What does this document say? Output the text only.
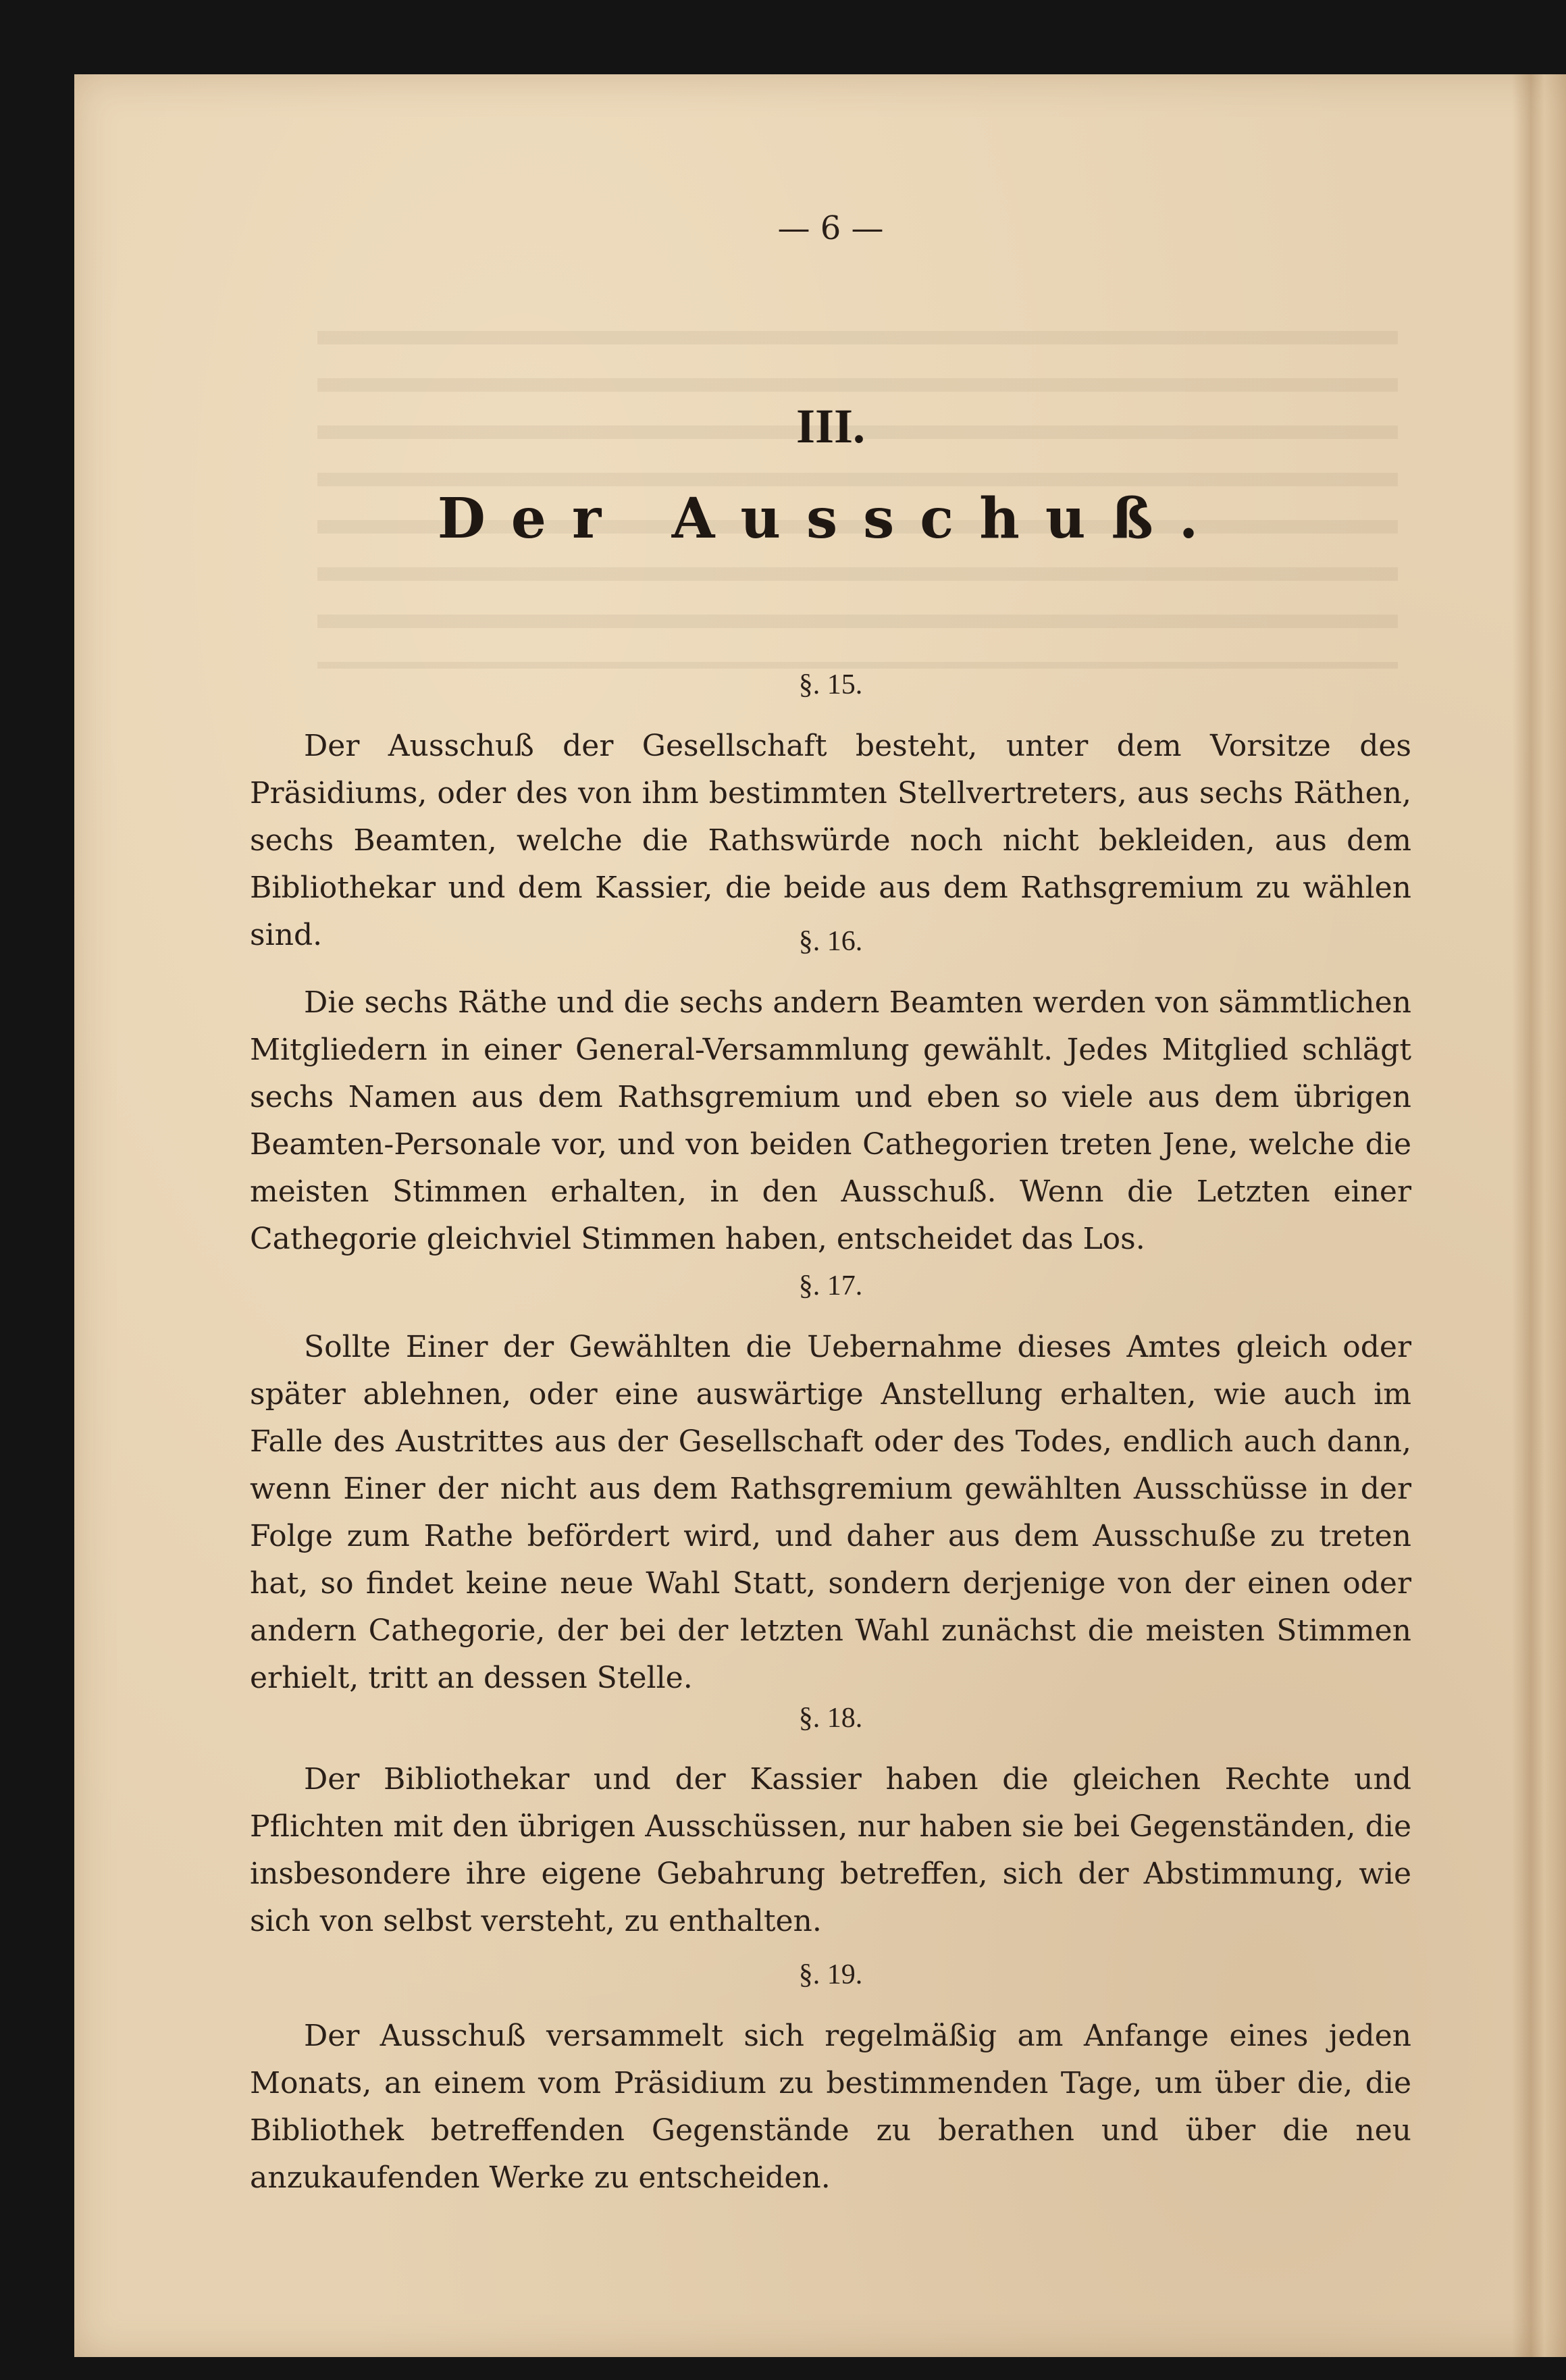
— 6 —
III.
Der Ausschuß.
§. 15.
Der Ausschuß der Gesellschaft besteht, unter dem Vorsitze des Präsidiums, oder des von ihm bestimmten Stellvertreters, aus sechs Räthen, sechs Beamten, welche die Rathswürde noch nicht bekleiden, aus dem Bibliothekar und dem Kassier, die beide aus dem Rathsgremium zu wählen sind.	§. 16.
Die sechs Räthe und die sechs andern Beamten werden von sämmtlichen Mitgliedern in einer General-Versammlung gewählt. Jedes Mitglied schlägt sechs Namen aus dem Rathsgremium und eben so viele aus dem übrigen Beamten-Personale vor, und von beiden Cathegorien treten Jene, welche die meisten Stimmen erhalten, in den Ausschuß. Wenn die Letzten einer Cathegorie gleichviel Stimmen haben, entscheidet das Los.
§. 17.
Sollte Einer der Gewählten die Uebernahme dieses Amtes gleich oder später ablehnen, oder eine auswärtige Anstellung erhalten, wie auch im Falle des Austrittes aus der Gesellschaft oder des Todes, endlich auch dann, wenn Einer der nicht aus dem Rathsgremium gewählten Ausschüsse in der Folge zum Rathe befördert wird, und daher aus dem Ausschuße zu treten hat, so findet keine neue Wahl Statt, sondern derjenige von der einen oder andern Cathegorie, der bei der letzten Wahl zunächst die meisten Stimmen erhielt, tritt an dessen Stelle.
§. 18.
Der Bibliothekar und der Kassier haben die gleichen Rechte und Pflichten mit den übrigen Ausschüssen, nur haben sie bei Gegenständen, die insbesondere ihre eigene Gebahrung betreffen, sich der Abstimmung, wie sich von selbst versteht, zu enthalten.
§. 19.
Der Ausschuß versammelt sich regelmäßig am Anfange eines jeden Monats, an einem vom Präsidium zu bestimmenden Tage, um über die, die Bibliothek betreffenden Gegenstände zu berathen und über die neu anzukaufenden Werke zu entscheiden.
